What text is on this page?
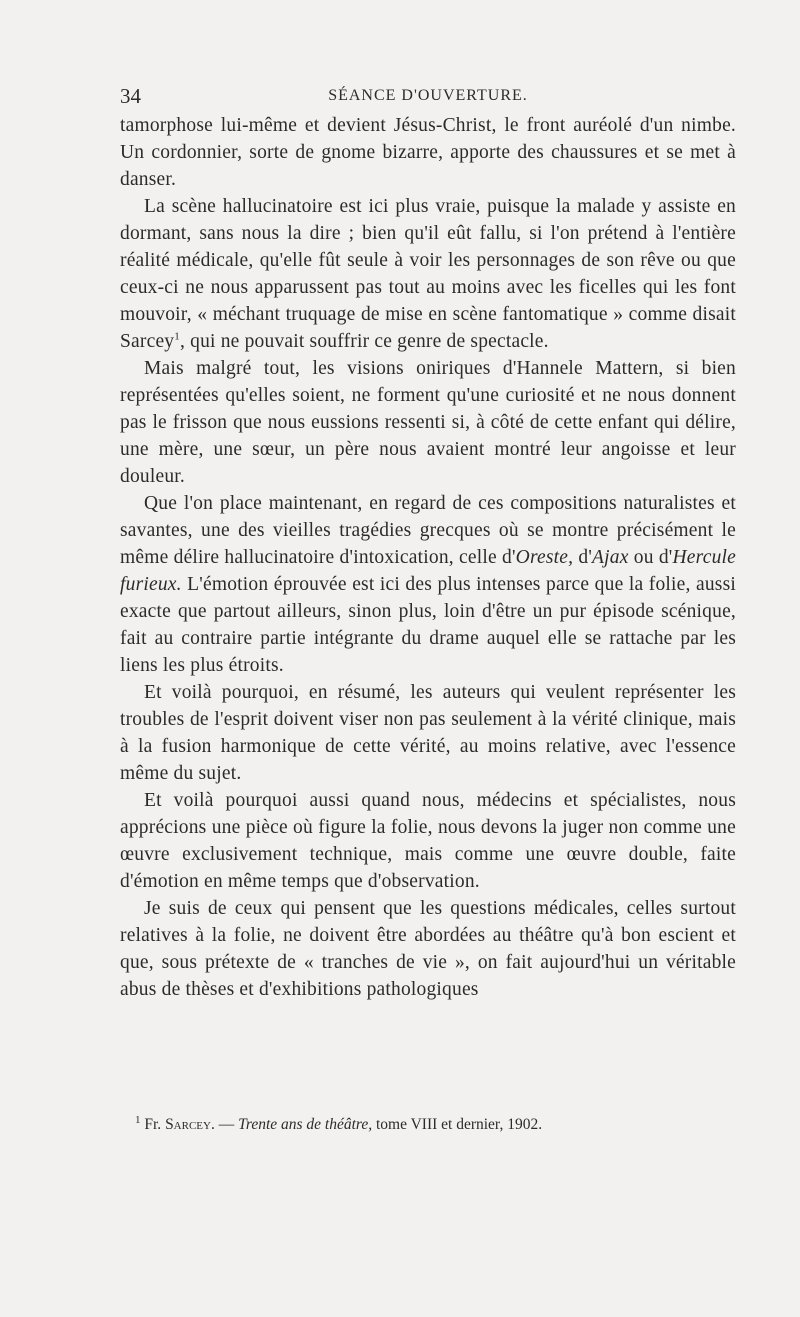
34	SÉANCE D'OUVERTURE.

tamorphose lui-même et devient Jésus-Christ, le front auréolé d'un nimbe. Un cordonnier, sorte de gnome bizarre, apporte des chaussures et se met à danser.

La scène hallucinatoire est ici plus vraie, puisque la malade y assiste en dormant, sans nous la dire ; bien qu'il eût fallu, si l'on prétend à l'entière réalité médicale, qu'elle fût seule à voir les personnages de son rêve ou que ceux-ci ne nous apparussent pas tout au moins avec les ficelles qui les font mouvoir, « méchant truquage de mise en scène fantomatique » comme disait Sarcey$^1$, qui ne pouvait souffrir ce genre de spectacle.

Mais malgré tout, les visions oniriques d'Hannele Mattern, si bien représentées qu'elles soient, ne forment qu'une curiosité et ne nous donnent pas le frisson que nous eussions ressenti si, à côté de cette enfant qui délire, une mère, une sœur, un père nous avaient montré leur angoisse et leur douleur.

Que l'on place maintenant, en regard de ces compositions naturalistes et savantes, une des vieilles tragédies grecques où se montre précisément le même délire hallucinatoire d'intoxication, celle d'Oreste, d'Ajax ou d'Hercule furieux. L'émotion éprouvée est ici des plus intenses parce que la folie, aussi exacte que partout ailleurs, sinon plus, loin d'être un pur épisode scénique, fait au contraire partie intégrante du drame auquel elle se rattache par les liens les plus étroits.

Et voilà pourquoi, en résumé, les auteurs qui veulent représenter les troubles de l'esprit doivent viser non pas seulement à la vérité clinique, mais à la fusion harmonique de cette vérité, au moins relative, avec l'essence même du sujet.

Et voilà pourquoi aussi quand nous, médecins et spécialistes, nous apprécions une pièce où figure la folie, nous devons la juger non comme une œuvre exclusivement technique, mais comme une œuvre double, faite d'émotion en même temps que d'observation.

Je suis de ceux qui pensent que les questions médicales, celles surtout relatives à la folie, ne doivent être abordées au théâtre qu'à bon escient et que, sous prétexte de « tranches de vie », on fait aujourd'hui un véritable abus de thèses et d'exhibitions pathologiques

$^1$ Fr. Sarcey. — Trente ans de théâtre, tome VIII et dernier, 1902.
